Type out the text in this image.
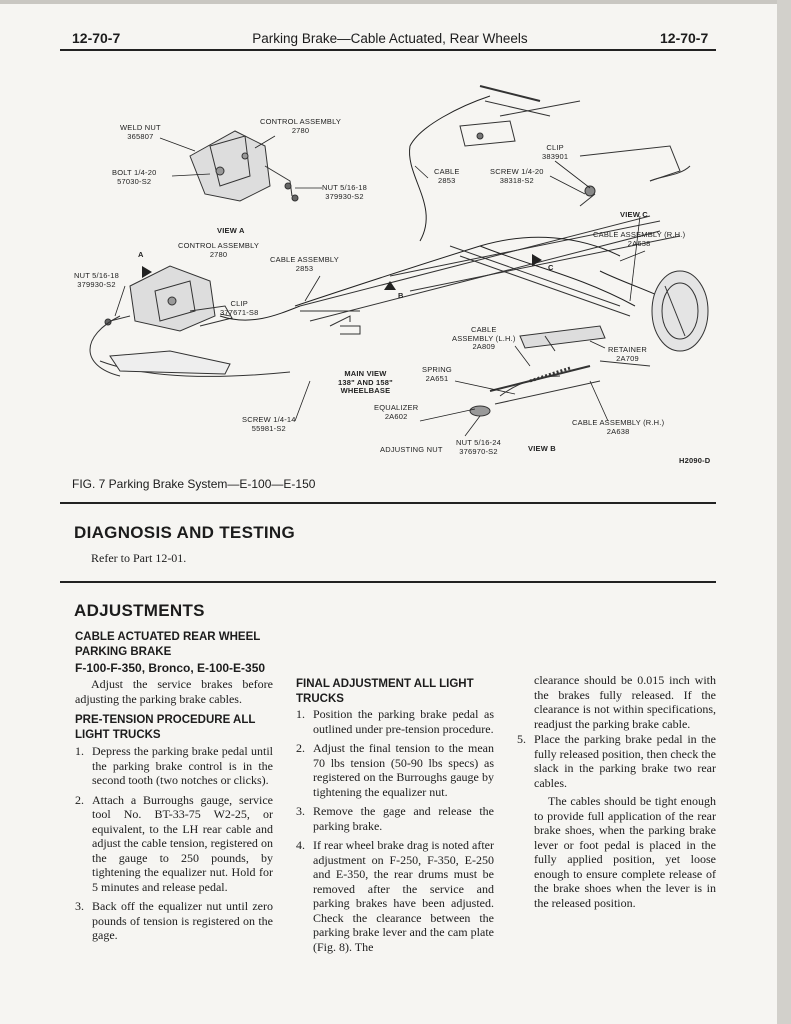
12-70-7	Parking Brake—Cable Actuated, Rear Wheels	12-70-7
CONTROL ASSEMBLY
2780
WELD NUT
365807
BOLT 1/4-20
57030-S2
NUT 5/16-18
379930-S2
CABLE
2853
SCREW 1/4-20
38318-S2
CLIP
383901
VIEW C
VIEW A
CONTROL ASSEMBLY
2780
A
NUT 5/16-18
379930-S2
CABLE ASSEMBLY
2853
CABLE ASSEMBLY (R.H.)
2A638
C
B
CLIP
377671-S8
CABLE
ASSEMBLY (L.H.)
2A809	RETAINER
2A709
MAIN VIEW
138" AND 158"
WHEELBASE
SPRING
2A651
EQUALIZER
2A602
SCREW 1/4-14
55981-S2
CABLE ASSEMBLY (R.H.)
2A638
NUT 5/16-24
376970-S2
ADJUSTING NUT	VIEW B
H2090-D
FIG. 7 Parking Brake System—E-100—E-150
DIAGNOSIS AND TESTING
Refer to Part 12-01.
ADJUSTMENTS
CABLE ACTUATED REAR WHEEL
PARKING BRAKE
F-100-F-350, Bronco, E-100-E-350
Adjust the service brakes before adjusting the parking brake cables.
PRE-TENSION PROCEDURE ALL
LIGHT TRUCKS
1. Depress the parking brake pedal until the parking brake control is in the second tooth (two notches or clicks).
2. Attach a Burroughs gauge, service tool No. BT-33-75 W2-25, or equivalent, to the LH rear cable and adjust the cable tension, registered on the gauge to 250 pounds, by tightening the equalizer nut. Hold for 5 minutes and release pedal.
3. Back off the equalizer nut until zero pounds of tension is registered on the gage.
FINAL ADJUSTMENT ALL LIGHT
TRUCKS
1. Position the parking brake pedal as outlined under pre-tension procedure.
2. Adjust the final tension to the mean 70 lbs tension (50-90 lbs specs) as registered on the Burroughs gauge by tightening the equalizer nut.
3. Remove the gage and release the parking brake.
4. If rear wheel brake drag is noted after adjustment on F-250, F-350, E-250 and E-350, the rear drums must be removed after the service and parking brakes have been adjusted. Check the clearance between the parking brake lever and the cam plate (Fig. 8). The
clearance should be 0.015 inch with the brakes fully released. If the clearance is not within specifications, readjust the parking brake cable.
5. Place the parking brake pedal in the fully released position, then check the slack in the parking brake two rear cables.
The cables should be tight enough to provide full application of the rear brake shoes, when the parking brake lever or foot pedal is placed in the fully applied position, yet loose enough to ensure complete release of the brake shoes when the lever is in the released position.
